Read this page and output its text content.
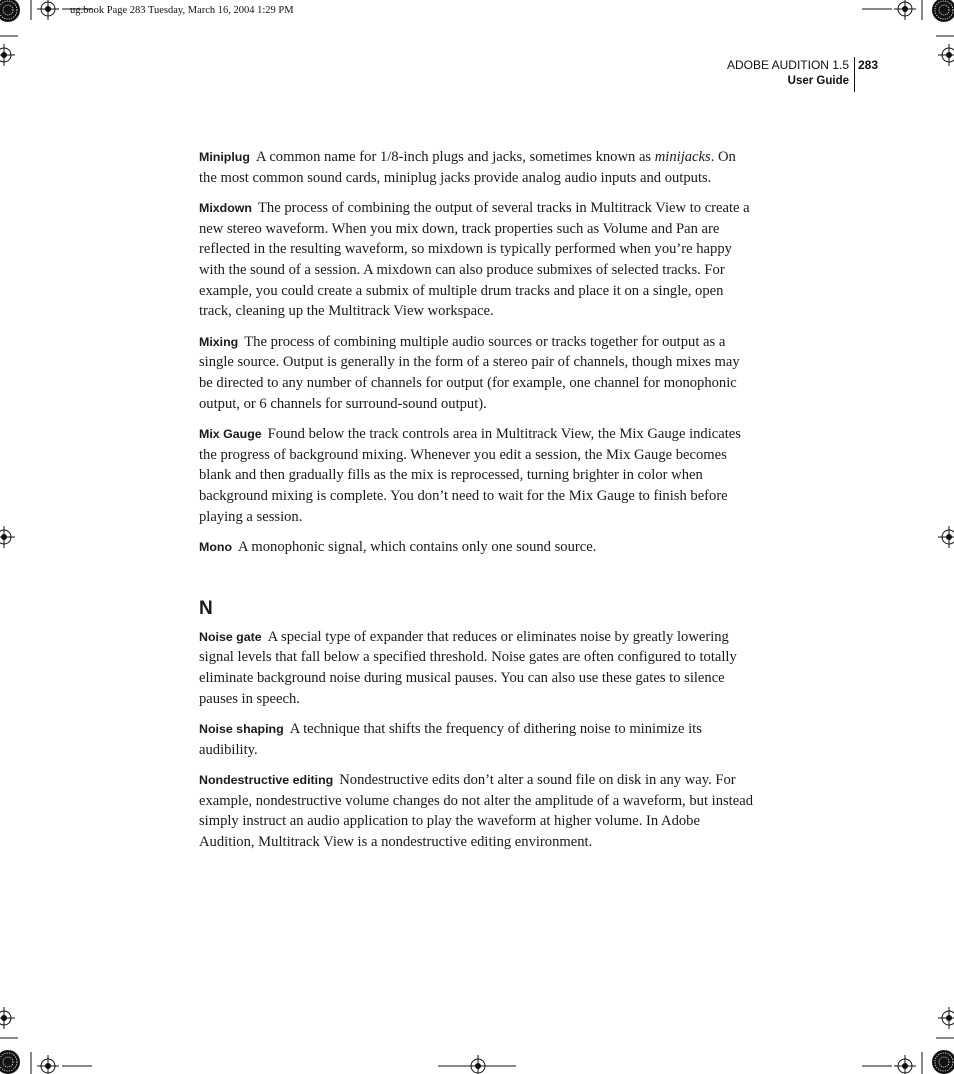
ug.book Page 283 Tuesday, March 16, 2004 1:29 PM
ADOBE AUDITION 1.5
User Guide
283

Miniplug A common name for 1/8-inch plugs and jacks, sometimes known as minijacks. On the most common sound cards, miniplug jacks provide analog audio inputs and outputs.

Mixdown The process of combining the output of several tracks in Multitrack View to create a new stereo waveform. When you mix down, track properties such as Volume and Pan are reflected in the resulting waveform, so mixdown is typically performed when you’re happy with the sound of a session. A mixdown can also produce submixes of selected tracks. For example, you could create a submix of multiple drum tracks and place it on a single, open track, cleaning up the Multitrack View workspace.

Mixing The process of combining multiple audio sources or tracks together for output as a single source. Output is generally in the form of a stereo pair of channels, though mixes may be directed to any number of channels for output (for example, one channel for monophonic output, or 6 channels for surround-sound output).

Mix Gauge Found below the track controls area in Multitrack View, the Mix Gauge indicates the progress of background mixing. Whenever you edit a session, the Mix Gauge becomes blank and then gradually fills as the mix is reprocessed, turning brighter in color when background mixing is complete. You don’t need to wait for the Mix Gauge to finish before playing a session.

Mono A monophonic signal, which contains only one sound source.

N

Noise gate A special type of expander that reduces or eliminates noise by greatly lowering signal levels that fall below a specified threshold. Noise gates are often configured to totally eliminate background noise during musical pauses. You can also use these gates to silence pauses in speech.

Noise shaping A technique that shifts the frequency of dithering noise to minimize its audibility.

Nondestructive editing Nondestructive edits don’t alter a sound file on disk in any way. For example, nondestructive volume changes do not alter the amplitude of a waveform, but instead simply instruct an audio application to play the waveform at higher volume. In Adobe Audition, Multitrack View is a nondestructive editing environment.
